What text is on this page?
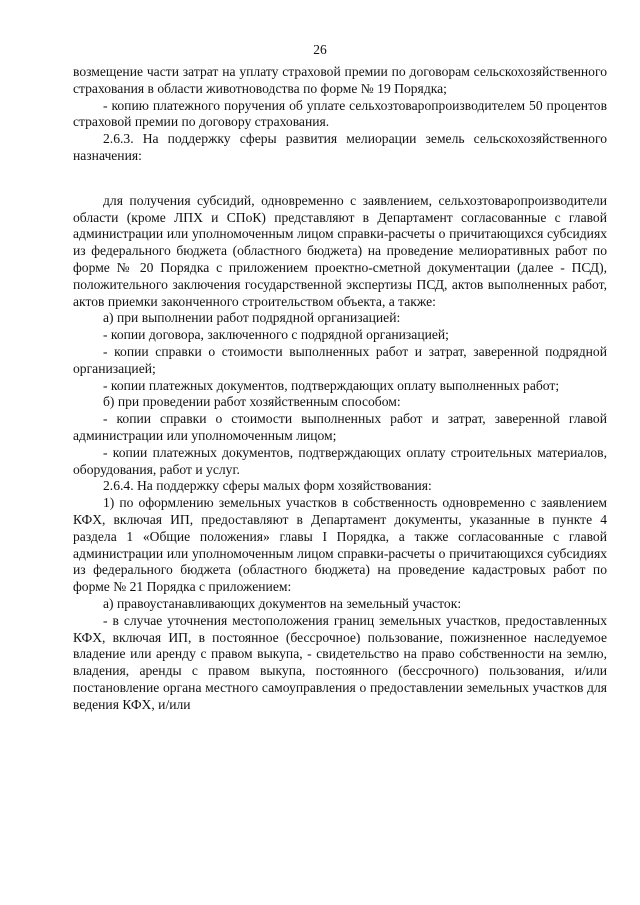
26

возмещение части затрат на уплату страховой премии по договорам сельскохозяйственного страхования в области животноводства по форме № 19 Порядка;

- копию платежного поручения об уплате сельхозтоваропроизводителем 50 процентов страховой премии по договору страхования.

2.6.3. На поддержку сферы развития мелиорации земель сельскохозяйственного назначения:

для получения субсидий, одновременно с заявлением, сельхозтоваропроизводители области (кроме ЛПХ и СПоК) представляют в Департамент согласованные с главой администрации или уполномоченным лицом справки-расчеты о причитающихся субсидиях из федерального бюджета (областного бюджета) на проведение мелиоративных работ по форме № 20 Порядка с приложением проектно-сметной документации (далее - ПСД), положительного заключения государственной экспертизы ПСД, актов выполненных работ, актов приемки законченного строительством объекта, а также:

а) при выполнении работ подрядной организацией:

- копии договора, заключенного с подрядной организацией;

- копии справки о стоимости выполненных работ и затрат, заверенной подрядной организацией;

- копии платежных документов, подтверждающих оплату выполненных работ;

б) при проведении работ хозяйственным способом:

- копии справки о стоимости выполненных работ и затрат, заверенной главой администрации или уполномоченным лицом;

- копии платежных документов, подтверждающих оплату строительных материалов, оборудования, работ и услуг.

2.6.4. На поддержку сферы малых форм хозяйствования:

1) по оформлению земельных участков в собственность одновременно с заявлением КФХ, включая ИП, предоставляют в Департамент документы, указанные в пункте 4 раздела 1 «Общие положения» главы I Порядка, а также согласованные с главой администрации или уполномоченным лицом справки-расчеты о причитающихся субсидиях из федерального бюджета (областного бюджета) на проведение кадастровых работ по форме № 21 Порядка с приложением:

а) правоустанавливающих документов на земельный участок:

- в случае уточнения местоположения границ земельных участков, предоставленных КФХ, включая ИП, в постоянное (бессрочное) пользование, пожизненное наследуемое владение или аренду с правом выкупа, - свидетельство на право собственности на землю, владения, аренды с правом выкупа, постоянного (бессрочного) пользования, и/или постановление органа местного самоуправления о предоставлении земельных участков для ведения КФХ, и/или
